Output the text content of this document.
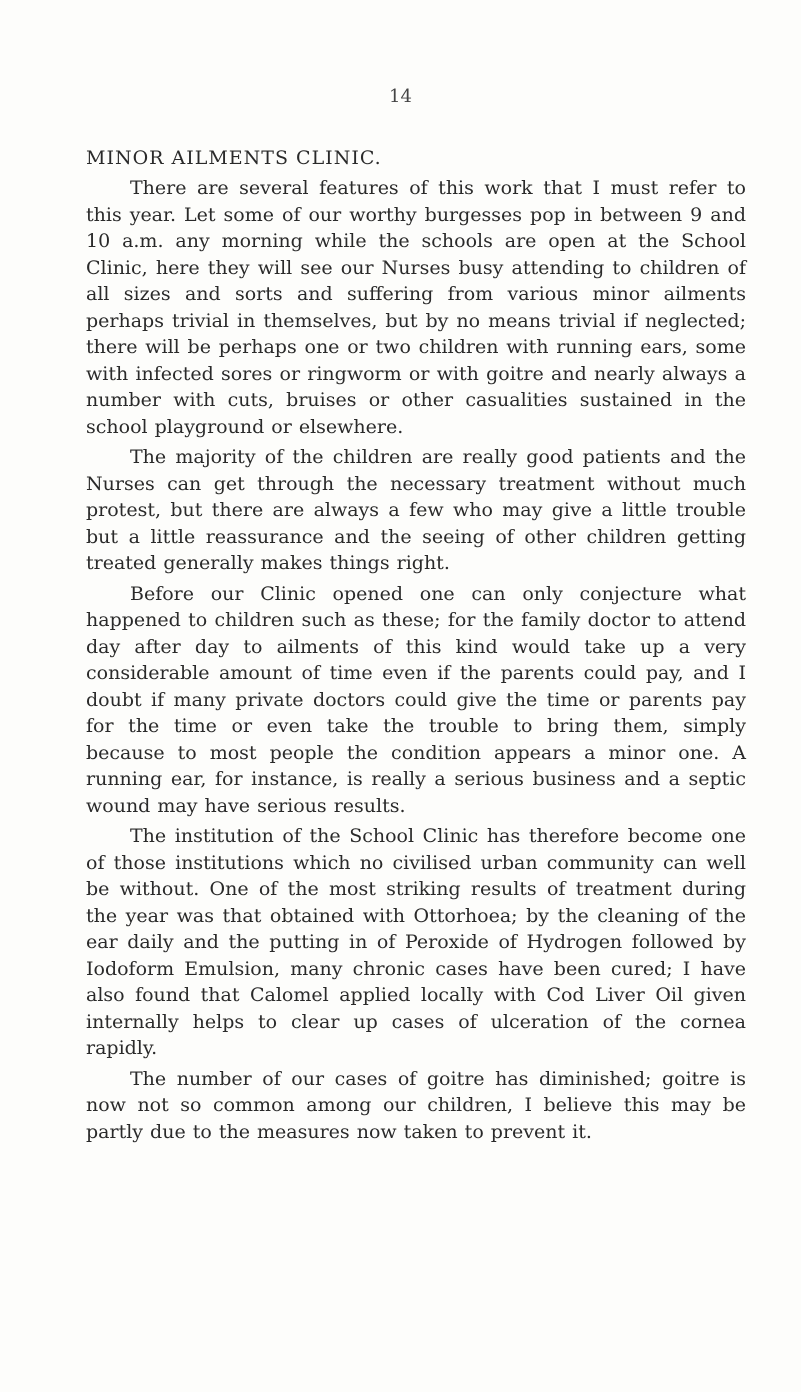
14
MINOR AILMENTS CLINIC.

There are several features of this work that I must refer to this year. Let some of our worthy burgesses pop in between 9 and 10 a.m. any morning while the schools are open at the School Clinic, here they will see our Nurses busy attending to children of all sizes and sorts and suffering from various minor ailments perhaps trivial in themselves, but by no means trivial if neglected; there will be perhaps one or two children with running ears, some with infected sores or ringworm or with goitre and nearly always a number with cuts, bruises or other casualities sustained in the school playground or elsewhere.

The majority of the children are really good patients and the Nurses can get through the necessary treatment without much protest, but there are always a few who may give a little trouble but a little reassurance and the seeing of other children getting treated generally makes things right.

Before our Clinic opened one can only conjecture what happened to children such as these; for the family doctor to attend day after day to ailments of this kind would take up a very considerable amount of time even if the parents could pay, and I doubt if many private doctors could give the time or parents pay for the time or even take the trouble to bring them, simply because to most people the condition appears a minor one. A running ear, for instance, is really a serious business and a septic wound may have serious results.

The institution of the School Clinic has therefore become one of those institutions which no civilised urban community can well be without. One of the most striking results of treatment during the year was that obtained with Ottorhoea; by the cleaning of the ear daily and the putting in of Peroxide of Hydrogen followed by Iodoform Emulsion, many chronic cases have been cured; I have also found that Calomel applied locally with Cod Liver Oil given internally helps to clear up cases of ulceration of the cornea rapidly.

The number of our cases of goitre has diminished; goitre is now not so common among our children, I believe this may be partly due to the measures now taken to prevent it.
